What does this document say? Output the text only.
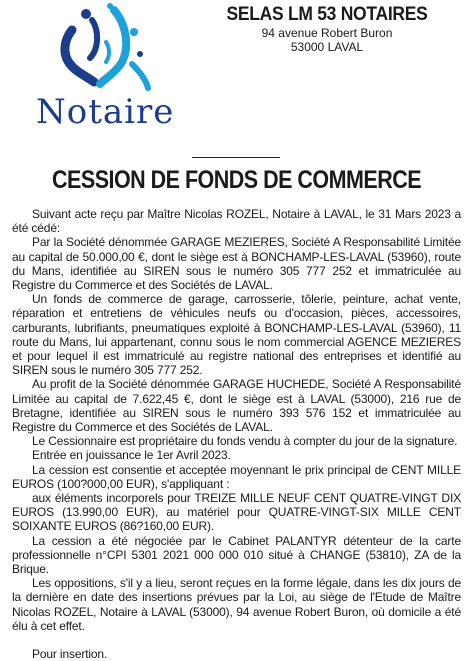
Notaire
SELAS LM 53 NOTAIRES
94 avenue Robert Buron
53000 LAVAL
CESSION DE FONDS DE COMMERCE

Suivant acte reçu par Maître Nicolas ROZEL, Notaire à LAVAL, le 31 Mars 2023 a été cédé:

Par la Société dénommée GARAGE MEZIERES, Société A Responsabilité Limitée au capital de 50.000,00 €, dont le siège est à BONCHAMP-LES-LAVAL (53960), route du Mans, identifiée au SIREN sous le numéro 305 777 252 et immatriculée au Registre du Commerce et des Sociétés de LAVAL.

Un fonds de commerce de garage, carrosserie, tôlerie, peinture, achat vente, réparation et entretiens de véhicules neufs ou d'occasion, pièces, accessoires, carburants, lubrifiants, pneumatiques exploité à BONCHAMP-LES-LAVAL (53960), 11 route du Mans, lui appartenant, connu sous le nom commercial AGENCE MEZIERES et pour lequel il est immatriculé au registre national des entreprises et identifié au SIREN sous le numéro 305 777 252.

Au profit de la Société dénommée GARAGE HUCHEDE, Société A Responsabilité Limitée au capital de 7.622,45 €, dont le siège est à LAVAL (53000), 216 rue de Bretagne, identifiée au SIREN sous le numéro 393 576 152 et immatriculée au Registre du Commerce et des Sociétés de LAVAL.

Le Cessionnaire est propriétaire du fonds vendu à compter du jour de la signature.

Entrée en jouissance le 1er Avril 2023.

La cession est consentie et acceptée moyennant le prix principal de CENT MILLE EUROS (100?000,00 EUR), s'appliquant :

aux éléments incorporels pour TREIZE MILLE NEUF CENT QUATRE-VINGT DIX EUROS (13.990,00 EUR), au matériel pour QUATRE-VINGT-SIX MILLE CENT SOIXANTE EUROS (86?160,00 EUR).

La cession a été négociée par le Cabinet PALANTYR détenteur de la carte professionnelle n°CPI 5301 2021 000 000 010 situé à CHANGE (53810), ZA de la Brique.

Les oppositions, s'il y a lieu, seront reçues en la forme légale, dans les dix jours de la dernière en date des insertions prévues par la Loi, au siège de l'Etude de Maître Nicolas ROZEL, Notaire à LAVAL (53000), 94 avenue Robert Buron, où domicile a été élu à cet effet.

Pour insertion.
